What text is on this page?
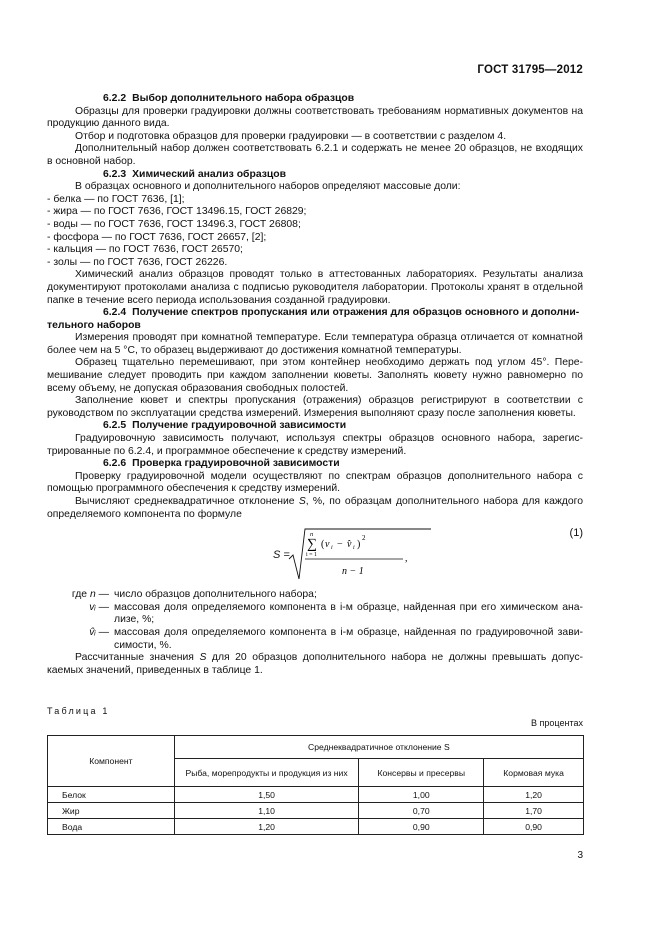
ГОСТ 31795—2012

6.2.2 Выбор дополнительного набора образцов

Образцы для проверки градуировки должны соответствовать требованиям нормативных документов на продукцию данного вида.

Отбор и подготовка образцов для проверки градуировки — в соответствии с разделом 4.

Дополнительный набор должен соответствовать 6.2.1 и содержать не менее 20 образцов, не входящих в основной набор.

6.2.3 Химический анализ образцов

В образцах основного и дополнительного наборов определяют массовые доли:

- белка — по ГОСТ 7636, [1];

- жира — по ГОСТ 7636, ГОСТ 13496.15, ГОСТ 26829;

- воды — по ГОСТ 7636, ГОСТ 13496.3, ГОСТ 26808;

- фосфора — по ГОСТ 7636, ГОСТ 26657, [2];

- кальция — по ГОСТ 7636, ГОСТ 26570;

- золы — по ГОСТ 7636, ГОСТ 26226.

Химический анализ образцов проводят только в аттестованных лабораториях. Результаты анализа документируют протоколами анализа с подписью руководителя лаборатории. Протоколы хранят в отдельной папке в течение всего периода использования созданной градуировки.

6.2.4 Получение спектров пропускания или отражения для образцов основного и дополнительного наборов

Измерения проводят при комнатной температуре. Если температура образца отличается от комнатной более чем на 5 °С, то образец выдерживают до достижения комнатной температуры.

Образец тщательно перемешивают, при этом контейнер необходимо держать под углом 45°. Перемешивание следует проводить при каждом заполнении кюветы. Заполнять кювету нужно равномерно по всему объему, не допуская образования свободных полостей.

Заполнение кювет и спектры пропускания (отражения) образцов регистрируют в соответствии с руководством по эксплуатации средства измерений. Измерения выполняют сразу после заполнения кюветы.

6.2.5 Получение градуировочной зависимости

Градуировочную зависимость получают, используя спектры образцов основного набора, зарегистрированные по 6.2.4, и программное обеспечение к средству измерений.

6.2.6 Проверка градуировочной зависимости

Проверку градуировочной модели осуществляют по спектрам образцов дополнительного набора с помощью программного обеспечения к средству измерений.

Вычисляют среднеквадратичное отклонение S, %, по образцам дополнительного набора для каждого определяемого компонента по формуле

S =
n
∑
i = 1
( v i − v̂ i )
2
n − 1
,
(1)
где n — число образцов дополнительного набора;
vᵢ — массовая доля определяемого компонента в i-м образце, найденная при его химическом анализе, %;
v̂ᵢ — массовая доля определяемого компонента в i-м образце, найденная по градуировочной зависимости, %.

Рассчитанные значения S для 20 образцов дополнительного набора не должны превышать допускаемых значений, приведенных в таблице 1.

Таблица 1
В процентах
Компонент	Среднеквадратичное отклонение S		
	Рыба, морепродукты и продукция из них	Консервы и пресервы	Кормовая мука
Белок	1,50	1,00	1,20
Жир	1,10	0,70	1,70
Вода	1,20	0,90	0,90
3
